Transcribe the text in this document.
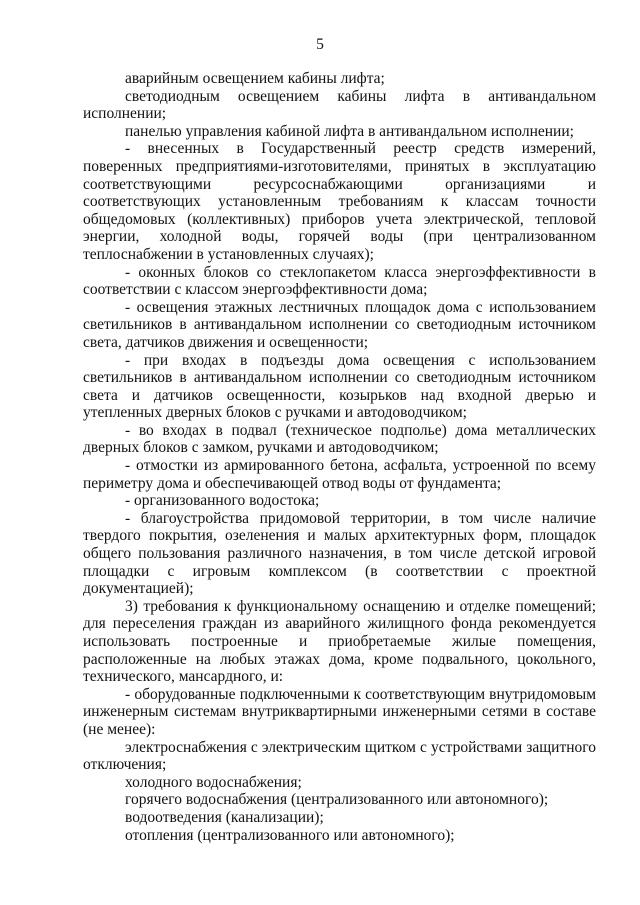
5

аварийным освещением кабины лифта;

светодиодным освещением кабины лифта в антивандальном исполнении;

панелью управления кабиной лифта в антивандальном исполнении;

- внесенных в Государственный реестр средств измерений, поверенных предприятиями-изготовителями, принятых в эксплуатацию соответствующими ресурсоснабжающими организациями и соответствующих установленным требованиям к классам точности общедомовых (коллективных) приборов учета электрической, тепловой энергии, холодной воды, горячей воды (при централизованном теплоснабжении в установленных случаях);

- оконных блоков со стеклопакетом класса энергоэффективности в соответствии с классом энергоэффективности дома;

- освещения этажных лестничных площадок дома с использованием светильников в антивандальном исполнении со светодиодным источником света, датчиков движения и освещенности;

- при входах в подъезды дома освещения с использованием светильников в антивандальном исполнении со светодиодным источником света и датчиков освещенности, козырьков над входной дверью и утепленных дверных блоков с ручками и автодоводчиком;

- во входах в подвал (техническое подполье) дома металлических дверных блоков с замком, ручками и автодоводчиком;

- отмостки из армированного бетона, асфальта, устроенной по всему периметру дома и обеспечивающей отвод воды от фундамента;

- организованного водостока;

- благоустройства придомовой территории, в том числе наличие твердого покрытия, озеленения и малых архитектурных форм, площадок общего пользования различного назначения, в том числе детской игровой площадки с игровым комплексом (в соответствии с проектной документацией);

3) требования к функциональному оснащению и отделке помещений; для переселения граждан из аварийного жилищного фонда рекомендуется использовать построенные и приобретаемые жилые помещения, расположенные на любых этажах дома, кроме подвального, цокольного, технического, мансардного, и:

- оборудованные подключенными к соответствующим внутридомовым инженерным системам внутриквартирными инженерными сетями в составе (не менее):

электроснабжения с электрическим щитком с устройствами защитного отключения;

холодного водоснабжения;

горячего водоснабжения (централизованного или автономного);

водоотведения (канализации);

отопления (централизованного или автономного);
